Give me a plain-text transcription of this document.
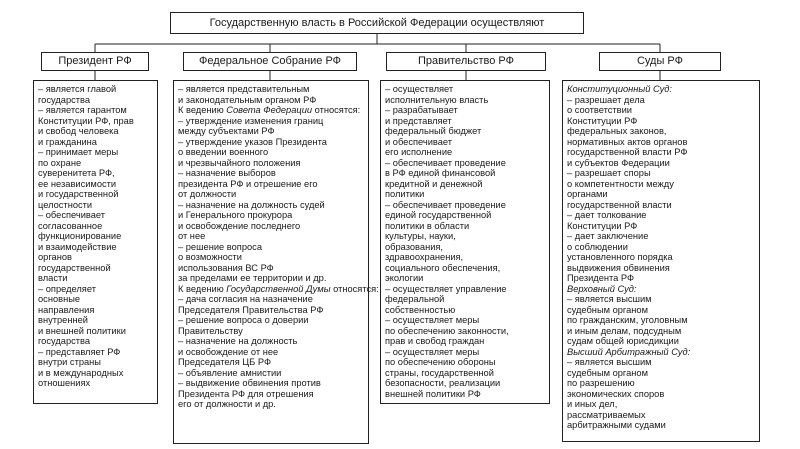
Государственную власть в Российской Федерации осуществляют
Президент РФ	Федеральное Собрание РФ	Правительство РФ	Суды РФ
– является главой
государства
– является гарантом
Конституции РФ, прав
и свобод человека
и гражданина
– принимает меры
по охране
суверенитета РФ,
ее независимости
и государственной
целостности
– обеспечивает
согласованное
функционирование
и взаимодействие
органов
государственной
власти
– определяет
основные
направления
внутренней
и внешней политики
государства
– представляет РФ
внутри страны
и в международных
отношениях
– является представительным
и законодательным органом РФ
К ведению Совета Федерации относятся:
– утверждение изменения границ
между субъектами РФ
– утверждение указов Президента
о введении военного
и чрезвычайного положения
– назначение выборов
президента РФ и отрешение его
от должности
– назначение на должность судей
и Генерального прокурора
и освобождение последнего
от нее
– решение вопроса
о возможности
использования ВС РФ
за пределами ее территории и др.
К ведению Государственной Думы относятся:
– дача согласия на назначение
Председателя Правительства РФ
– решение вопроса о доверии
Правительству
– назначение на должность
и освобождение от нее
Председателя ЦБ РФ
– объявление амнистии
– выдвижение обвинения против
Президента РФ для отрешения
его от должности и др.
– осуществляет
исполнительную власть
– разрабатывает
и представляет
федеральный бюджет
и обеспечивает
его исполнение
– обеспечивает проведение
в РФ единой финансовой
кредитной и денежной
политики
– обеспечивает проведение
единой государственной
политики в области
культуры, науки,
образования,
здравоохранения,
социального обеспечения,
экологии
– осуществляет управление
федеральной
собственностью
– осуществляет меры
по обеспечению законности,
прав и свобод граждан
– осуществляет меры
по обеспечению обороны
страны, государственной
безопасности, реализации
внешней политики РФ
Конституционный Суд:
– разрешает дела
о соответствии
Конституции РФ
федеральных законов,
нормативных актов органов
государственной власти РФ
и субъектов Федерации
– разрешает споры
о компетентности между
органами
государственной власти
– дает толкование
Конституции РФ
– дает заключение
о соблюдении
установленного порядка
выдвижения обвинения
Президента РФ
Верховный Суд:
– является высшим
судебным органом
по гражданским, уголовным
и иным делам, подсудным
судам общей юрисдикции
Высший Арбитражный Суд:
– является высшим
судебным органом
по разрешению
экономических споров
и иных дел,
рассматриваемых
арбитражными судами
